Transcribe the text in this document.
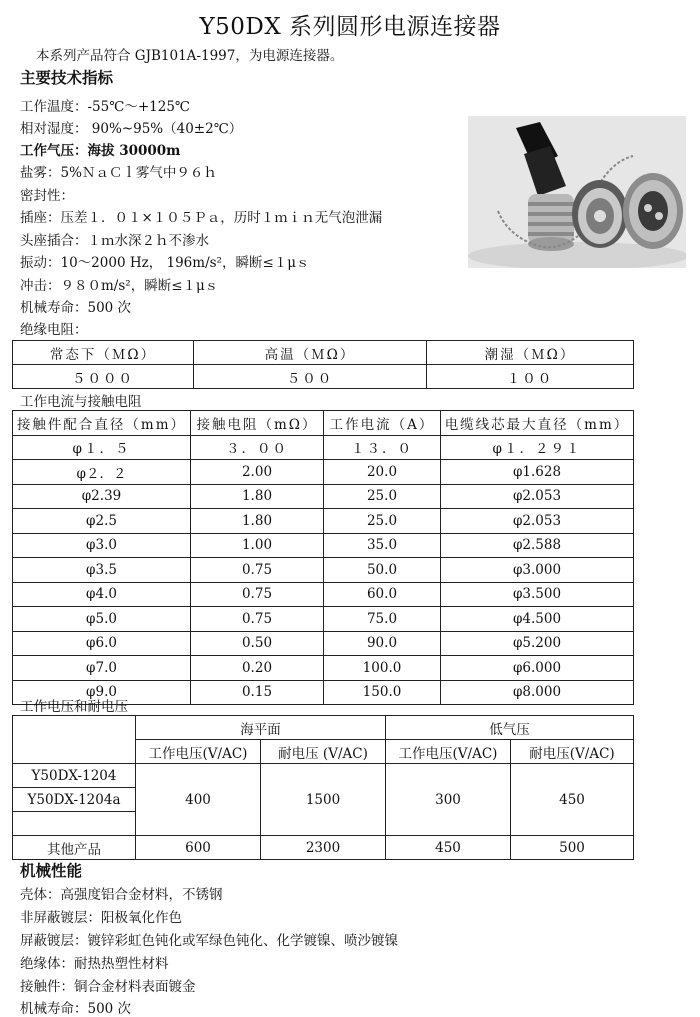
Y50DX 系列圆形电源连接器
本系列产品符合 GJB101A-1997，为电源连接器。
主要技术指标
工作温度：-55℃～+125℃
相对湿度： 90%~95%（40±2℃）
工作气压：海拔 30000m
盐雾：5%ＮａＣｌ雾气中９６ｈ
密封性：
插座：压差１．０１×１０５Ｐａ，历时１ｍｉｎ无气泡泄漏
头座插合：１ｍ水深２ｈ不渗水
振动：10～2000 Hz， 196m/s²，瞬断≤１μｓ
冲击：９８０m/s²，瞬断≤１μｓ
机械寿命：500 次
绝缘电阻：
常态下（ＭΩ）	高温（ＭΩ）	潮湿（ＭΩ）
５０００	５００	１００
工作电流与接触电阻
接触件配合直径（mm）	接触电阻（mΩ）	工作电流（A）	电缆线芯最大直径（mm）
φ１．５	３．００	１３．０	φ１．２９１
φ２．２	2.00	20.0	φ1.628
φ2.39	1.80	25.0	φ2.053
φ2.5	1.80	25.0	φ2.053
φ3.0	1.00	35.0	φ2.588
φ3.5	0.75	50.0	φ3.000
φ4.0	0.75	60.0	φ3.500
φ5.0	0.75	75.0	φ4.500
φ6.0	0.50	90.0	φ5.200
φ7.0	0.20	100.0	φ6.000
φ9.0	0.15	150.0	φ8.000
工作电压和耐电压
	海平面		低气压	
	工作电压(V/AC)	耐电压 (V/AC)	工作电压(V/AC)	耐电压(V/AC)
Y50DX-1204	400	1500	300	450
Y50DX-1204a				

其他产品	600	2300	450	500
机械性能
壳体：高强度铝合金材料，不锈钢
非屏蔽镀层：阳极氧化作色
屏蔽镀层：镀锌彩虹色钝化或军绿色钝化、化学镀镍、喷沙镀镍
绝缘体：耐热热塑性材料
接触件：铜合金材料表面镀金
机械寿命：500 次
